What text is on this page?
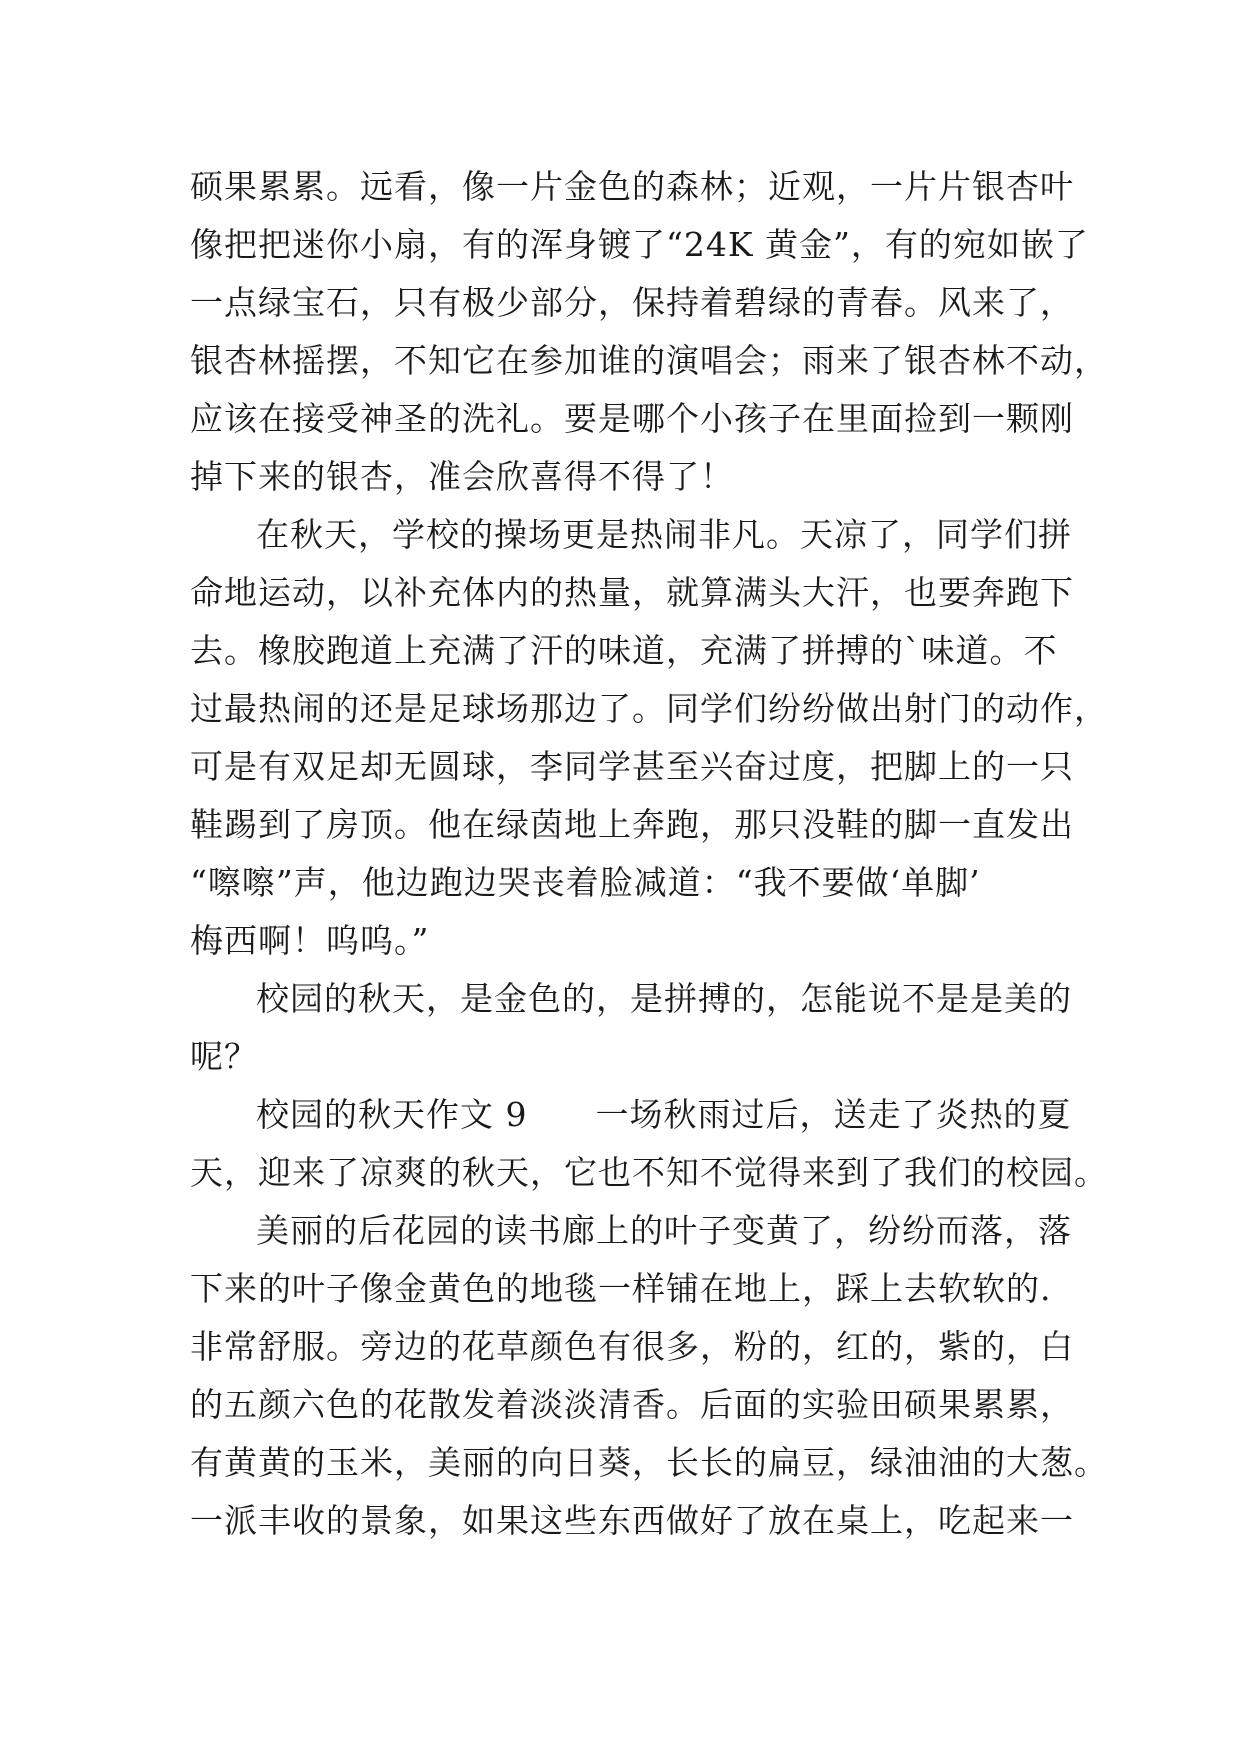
硕果累累。远看，像一片金色的森林；近观，一片片银杏叶
像把把迷你小扇，有的浑身镀了“24K 黄金”，有的宛如嵌了
一点绿宝石，只有极少部分，保持着碧绿的青春。风来了，
银杏林摇摆，不知它在参加谁的演唱会；雨来了银杏林不动，
应该在接受神圣的洗礼。要是哪个小孩子在里面捡到一颗刚
掉下来的银杏，准会欣喜得不得了！
在秋天，学校的操场更是热闹非凡。天凉了，同学们拼
命地运动，以补充体内的热量，就算满头大汗，也要奔跑下
去。橡胶跑道上充满了汗的味道，充满了拼搏的`味道。不
过最热闹的还是足球场那边了。同学们纷纷做出射门的动作，
可是有双足却无圆球，李同学甚至兴奋过度，把脚上的一只
鞋踢到了房顶。他在绿茵地上奔跑，那只没鞋的脚一直发出
“嚓嚓”声，他边跑边哭丧着脸减道：“我不要做‘单脚’
梅西啊！呜呜。”
校园的秋天，是金色的，是拼搏的，怎能说不是是美的
呢？
校园的秋天作文 9　　一场秋雨过后，送走了炎热的夏
天，迎来了凉爽的秋天，它也不知不觉得来到了我们的校园。
美丽的后花园的读书廊上的叶子变黄了，纷纷而落，落
下来的叶子像金黄色的地毯一样铺在地上，踩上去软软的.
非常舒服。旁边的花草颜色有很多，粉的，红的，紫的，白
的五颜六色的花散发着淡淡清香。后面的实验田硕果累累，
有黄黄的玉米，美丽的向日葵，长长的扁豆，绿油油的大葱。
一派丰收的景象，如果这些东西做好了放在桌上，吃起来一
